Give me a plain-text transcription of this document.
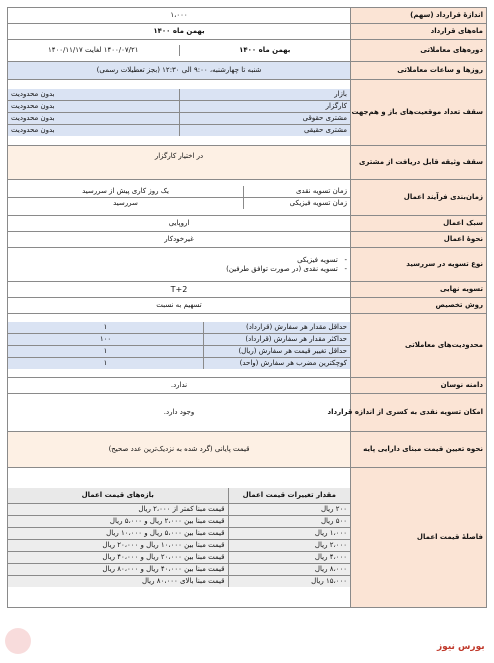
اندازهٔ قرارداد (سهم)	۱،۰۰۰
ماه‌های قرارداد	بهمن ماه ۱۴۰۰
دوره‌های معاملاتی	
بهمن ماه ۱۴۰۰	۱۴۰۰/۰۷/۲۱ لغایت ۱۴۰۰/۱۱/۱۷

روزها و ساعات معاملاتی	شنبه تا چهارشنبه، ۹:۰۰ الی ۱۲:۳۰ (بجز تعطیلات رسمی)
سقف تعداد موقعیت‌های باز و هم‌جهت	
بازار	بدون محدودیت
کارگزار	بدون محدودیت
مشتری حقوقی	بدون محدودیت
مشتری حقیقی	بدون محدودیت

سقف وثیقه قابل دریافت از مشتری	در اختیار کارگزار
زمان‌بندی فرآیند اعمال	
زمان تسویه نقدی	یک روز کاری پیش از سررسید
زمان تسویه فیزیکی	سررسید

سبک اعمال	اروپایی
نحوهٔ اعمال	غیرخودکار
نوع تسویه در سررسید	
-   تسویه فیزیکی
-   تسویه نقدی (در صورت توافق طرفین)

تسویه نهایی	T+2
روش تخصیص	تسهیم به نسبت
محدودیت‌های معاملاتی	
حداقل مقدار هر سفارش (قرارداد)	۱
حداکثر مقدار هر سفارش (قرارداد)	۱۰۰
حداقل تغییر قیمت هر سفارش (ریال)	۱
کوچکترین مضرب هر سفارش (واحد)	۱

دامنه نوسان	ندارد.
امکان تسویه نقدی به کسری از اندازه قرارداد	وجود دارد.
نحوه تعیین قیمت مبنای دارایی پایه	قیمت پایانی (گرد شده به نزدیک‌ترین عدد صحیح)
فاصلهٔ قیمت اعمال	
مقدار تغییرات قیمت اعمال	بازه‌های قیمت اعمال
۲۰۰ ریال	قیمت مبنا کمتر از ۲،۰۰۰ ریال
۵۰۰ ریال	قیمت مبنا بین ۲،۰۰۰ ریال و ۵،۰۰۰ ریال
۱،۰۰۰ ریال	قیمت مبنا بین ۵،۰۰۰ ریال و ۱۰،۰۰۰ ریال
۲،۰۰۰ ریال	قیمت مبنا بین ۱۰،۰۰۰ ریال و ۲۰،۰۰۰ ریال
۴،۰۰۰ ریال	قیمت مبنا بین ۲۰،۰۰۰ ریال و ۴۰،۰۰۰ ریال
۸،۰۰۰ ریال	قیمت مبنا بین ۴۰،۰۰۰ ریال و ۸۰،۰۰۰ ریال
۱۵،۰۰۰ ریال	قیمت مبنا بالای ۸۰،۰۰۰ ریال
بورس نیوز
